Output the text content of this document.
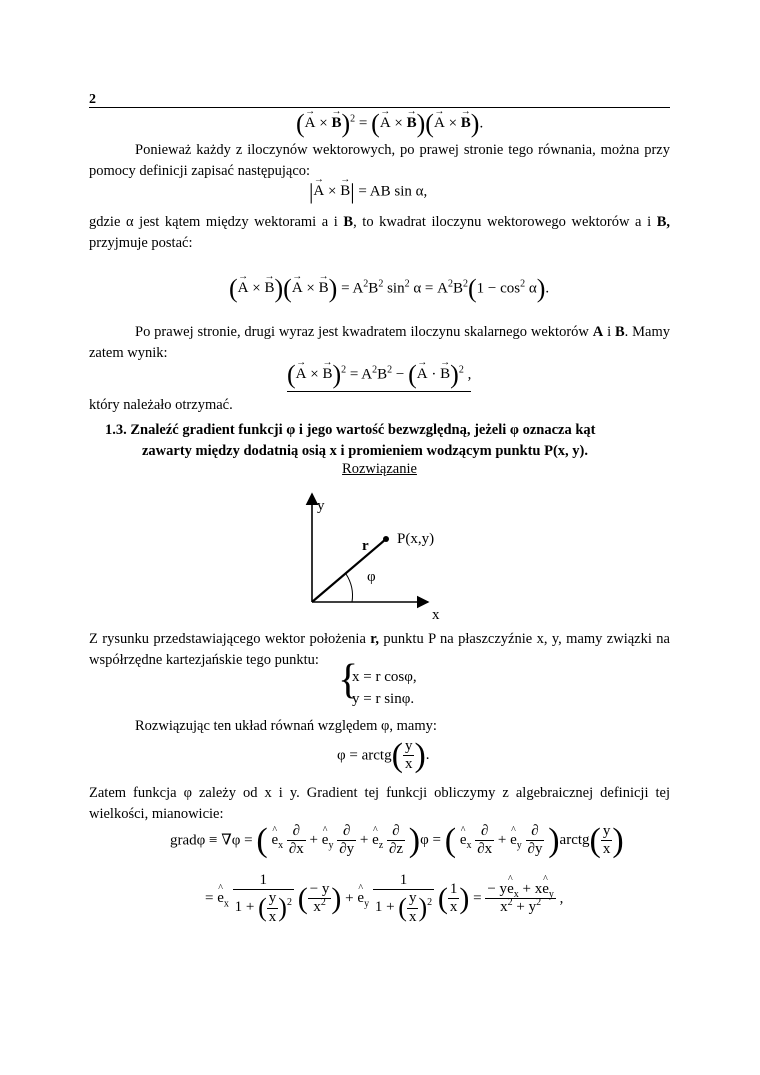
2
(→ A × → B)$^2$ = (→ A × → B)(→ A × → B).
Ponieważ każdy z iloczynów wektorowych, po prawej stronie tego równania, można przy pomocy definicji zapisać następująco:
|→ A × → B| = AB sin α,
gdzie α jest kątem między wektorami a i B, to kwadrat iloczynu wektorowego wektorów a i B, przyjmuje postać:
(→ A × → B)(→ A × → $B) = A^2B^2$ $\sin^2 \alpha = A^2B^2(1 - \cos^2 \alpha)$.
Po prawej stronie, drugi wyraz jest kwadratem iloczynu skalarnego wektorów A i B. Mamy zatem wynik:
(→ A × → $B)^2 = A^2B^2$ − (→ A · → B)$^2$ ,
który należało otrzymać.
1.3. Znaleźć gradient funkcji φ i jego wartość bezwzględną, jeżeli φ oznacza kąt
zawarty między dodatnią osią x i promieniem wodzącym punktu P(x, y).
Rozwiązanie
y
x
r P(x,y)
φ
Z rysunku przedstawiającego wektor położenia r, punktu P na płaszczyźnie x, y, mamy związki na współrzędne kartezjańskie tego punktu: {
x = r cosφ,
y = r sinφ.
Rozwiązując ten układ równań względem φ, mamy:
φ = arctg( $\frac{y}{x}$ ).
Zatem funkcja φ zależy od x i y. Gradient tej funkcji obliczymy z algebraicznej definicji tej wielkości, mianowicie:
gradφ ≡ ∇φ = ( ^ $e_x \frac{\partial}{\partial x}$ + ^ $e_y \frac{\partial}{\partial y}$ + ^ $e_z \frac{\partial}{\partial z} )\varphi$ = ( ^ $e_x \frac{\partial}{\partial x}$ + ^ $e_y \frac{\partial}{\partial y}$ )arctg( $\frac{y}{x}$ )
= ^ $e_x \frac{1}{1 + ( \frac{y}{x} )^2}$ ( $\frac{- y}{x^2}$ ) + ^ $e_y \frac{1}{1 + ( \frac{y}{x} )^2}$ ( $\frac{1}{x}$ ) = $\frac{- y\^{} e_x + x\^{} e_y}{x^2 + y^2}$ ,
